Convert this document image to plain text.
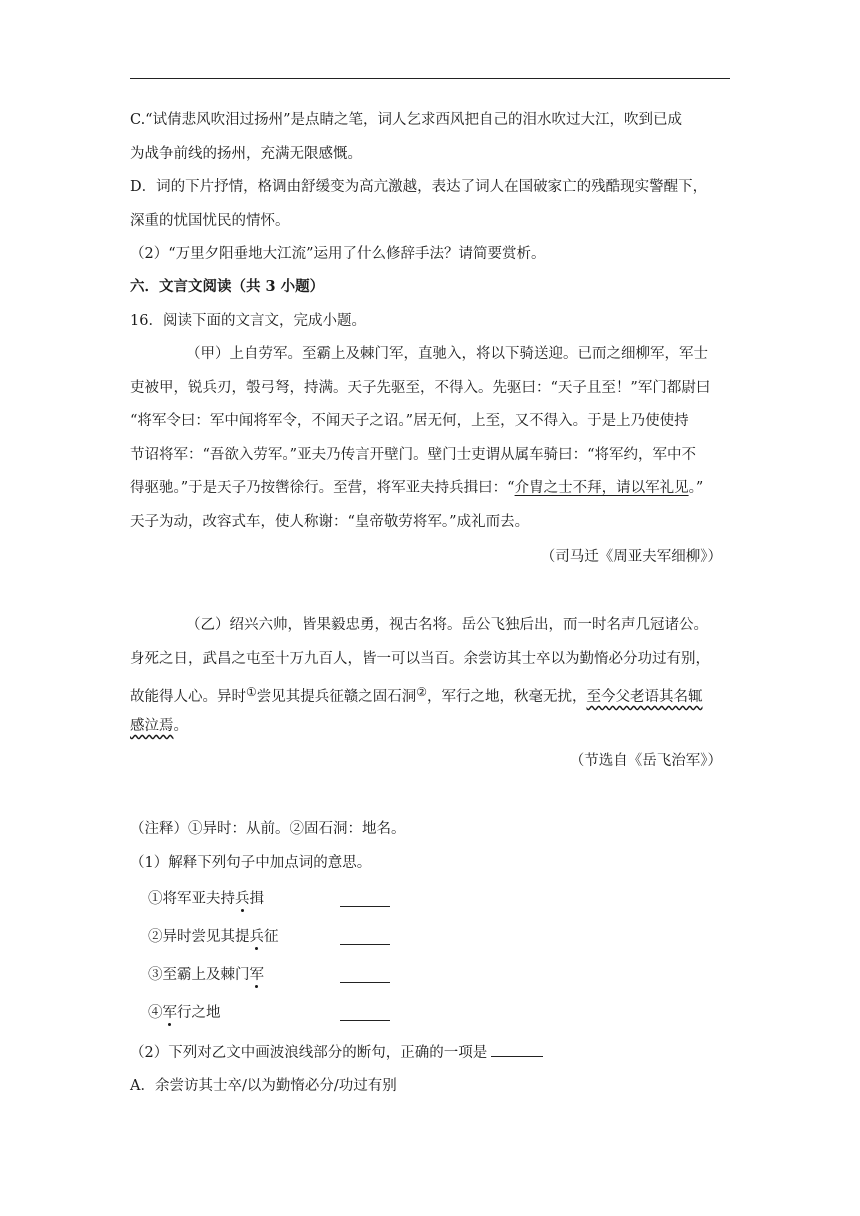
C.“试倩悲风吹泪过扬州”是点睛之笔，词人乞求西风把自己的泪水吹过大江，吹到已成
为战争前线的扬州，充满无限感慨。
D．词的下片抒情，格调由舒缓变为高亢激越，表达了词人在国破家亡的残酷现实警醒下，
深重的忧国忧民的情怀。
（2）“万里夕阳垂地大江流”运用了什么修辞手法？请简要赏析。
六．文言文阅读（共 3 小题）
16．阅读下面的文言文，完成小题。
（甲）上自劳军。至霸上及棘门军，直驰入，将以下骑送迎。已而之细柳军，军士
吏被甲，锐兵刃，彀弓弩，持满。天子先驱至，不得入。先驱曰：“天子且至！”军门都尉曰
“将军令曰：军中闻将军令，不闻天子之诏。”居无何，上至，又不得入。于是上乃使使持
节诏将军：“吾欲入劳军。”亚夫乃传言开壁门。壁门士吏谓从属车骑曰：“将军约，军中不
得驱驰。”于是天子乃按辔徐行。至营，将军亚夫持兵揖曰：“介胄之士不拜，请以军礼见。”
天子为动，改容式车，使人称谢：“皇帝敬劳将军。”成礼而去。
（司马迁《周亚夫军细柳》）
（乙）绍兴六帅，皆果毅忠勇，视古名将。岳公飞独后出，而一时名声几冠诸公。
身死之日，武昌之屯至十万九百人，皆一可以当百。余尝访其士卒以为勤惰必分功过有别，
故能得人心。异时①尝见其提兵征赣之固石洞②，军行之地，秋毫无扰，至今父老语其名辄
感泣焉。
（节选自《岳飞治军》）
（注释）①异时：从前。②固石洞：地名。
（1）解释下列句子中加点词的意思。
①将军亚夫持兵揖
②异时尝见其提兵征
③至霸上及棘门军
④军行之地
（2）下列对乙文中画波浪线部分的断句，正确的一项是
A．余尝访其士卒/以为勤惰必分/功过有别
